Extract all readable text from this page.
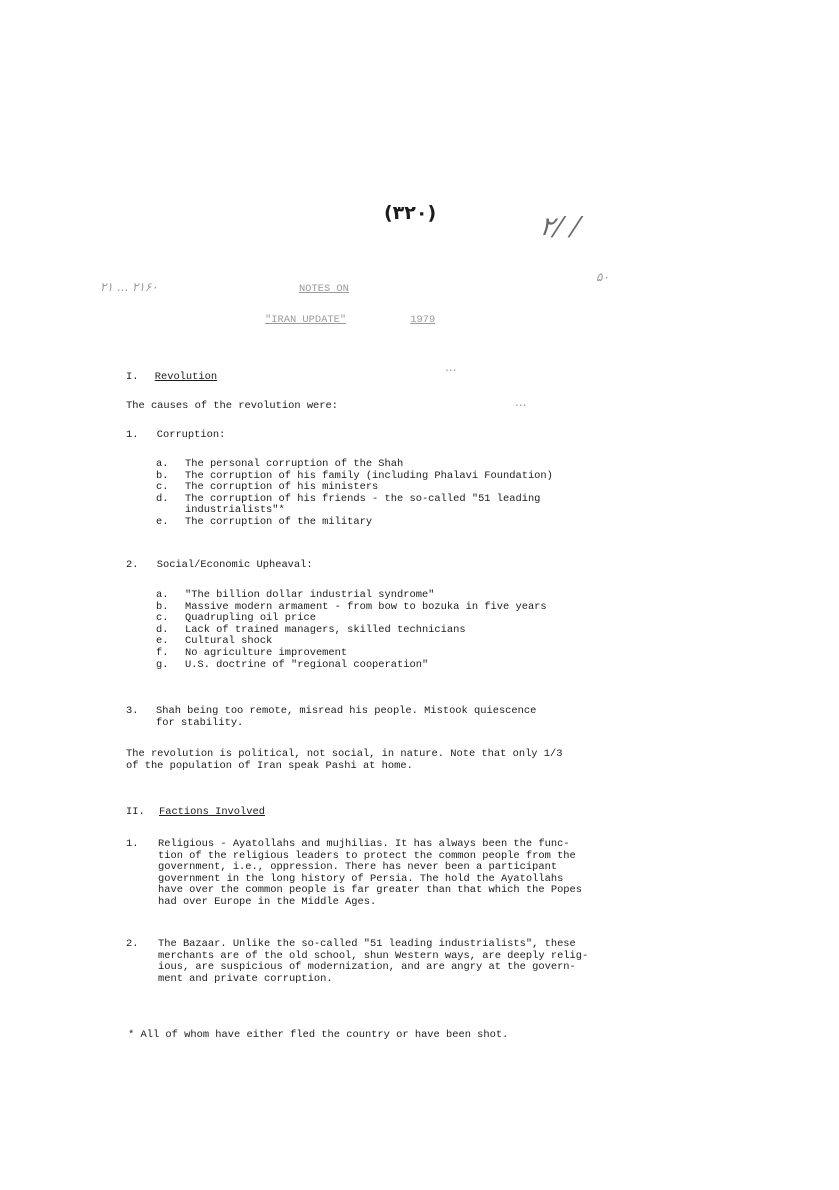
(۳۲۰)	۲/ /
۲۱ ... ۲۱۶۰
۵۰
...
...
NOTES ON
"IRAN UPDATE"	1979
I. Revolution
The causes of the revolution were:
1. Corruption:
a.	The personal corruption of the Shah
b.	The corruption of his family (including Phalavi Foundation)
c.	The corruption of his ministers
d.	The corruption of his friends - the so-called "51 leading
industrialists"*
e.	The corruption of the military
2. Social/Economic Upheaval:
a.	"The billion dollar industrial syndrome"
b.	Massive modern armament - from bow to bozuka in five years
c.	Quadrupling oil price
d.	Lack of trained managers, skilled technicians
e.	Cultural shock
f.	No agriculture improvement
g.	U.S. doctrine of "regional cooperation"
3.	Shah being too remote, misread his people. Mistook quiescence
for stability.
The revolution is political, not social, in nature. Note that only 1/3
of the population of Iran speak Pashi at home.
II. Factions Involved
1.	Religious - Ayatollahs and mujhilias. It has always been the func-
tion of the religious leaders to protect the common people from the
government, i.e., oppression. There has never been a participant
government in the long history of Persia. The hold the Ayatollahs
have over the common people is far greater than that which the Popes
had over Europe in the Middle Ages.
2.	The Bazaar. Unlike the so-called "51 leading industrialists", these
merchants are of the old school, shun Western ways, are deeply relig-
ious, are suspicious of modernization, and are angry at the govern-
ment and private corruption.
* All of whom have either fled the country or have been shot.
